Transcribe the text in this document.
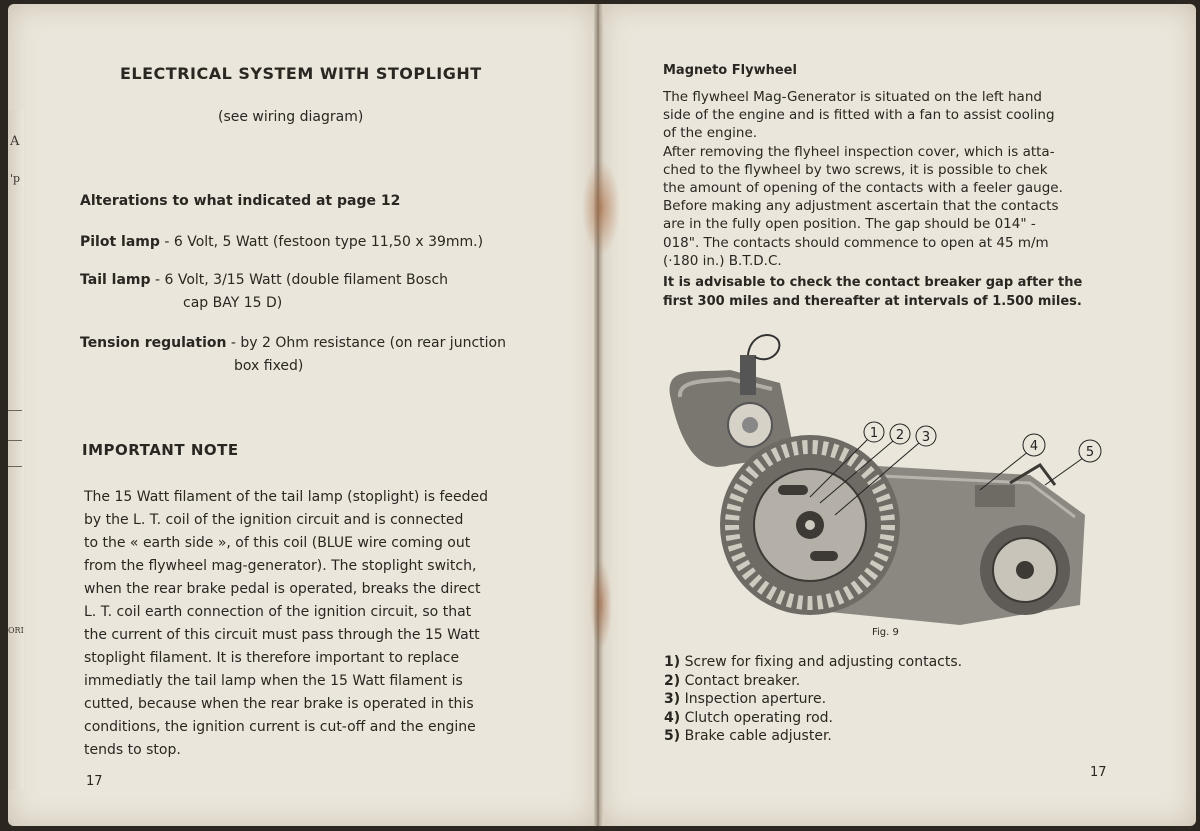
A
'p
ORI
ELECTRICAL SYSTEM WITH STOPLIGHT
(see wiring diagram)
Alterations to what indicated at page 12
Pilot lamp - 6 Volt, 5 Watt (festoon type 11,50 x 39mm.)
Tail lamp - 6 Volt, 3/15 Watt (double filament Bosch
cap BAY 15 D)
Tension regulation - by 2 Ohm resistance (on rear junction
box fixed)
IMPORTANT NOTE
The 15 Watt filament of the tail lamp (stoplight) is feeded
by the L. T. coil of the ignition circuit and is connected
to the « earth side », of this coil (BLUE wire coming out
from the flywheel mag-generator). The stoplight switch,
when the rear brake pedal is operated, breaks the direct
L. T. coil earth connection of the ignition circuit, so that
the current of this circuit must pass through the 15 Watt
stoplight filament. It is therefore important to replace
immediatly the tail lamp when the 15 Watt filament is
cutted, because when the rear brake is operated in this
conditions, the ignition current is cut-off and the engine
tends to stop.
17
Magneto Flywheel
The flywheel Mag-Generator is situated on the left hand
side of the engine and is fitted with a fan to assist cooling
of the engine.
After removing the flyheel inspection cover, which is atta-
ched to the flywheel by two screws, it is possible to chek
the amount of opening of the contacts with a feeler gauge.
Before making any adjustment ascertain that the contacts
are in the fully open position. The gap should be 014" -
018". The contacts should commence to open at 45 m/m
(·180 in.) B.T.D.C.
It is advisable to check the contact breaker gap after the
first 300 miles and thereafter at intervals of 1.500 miles.
1 2 3
4	5
Fig. 9
1) Screw for fixing and adjusting contacts.
2) Contact breaker.
3) Inspection aperture.
4) Clutch operating rod.
5) Brake cable adjuster.
17
